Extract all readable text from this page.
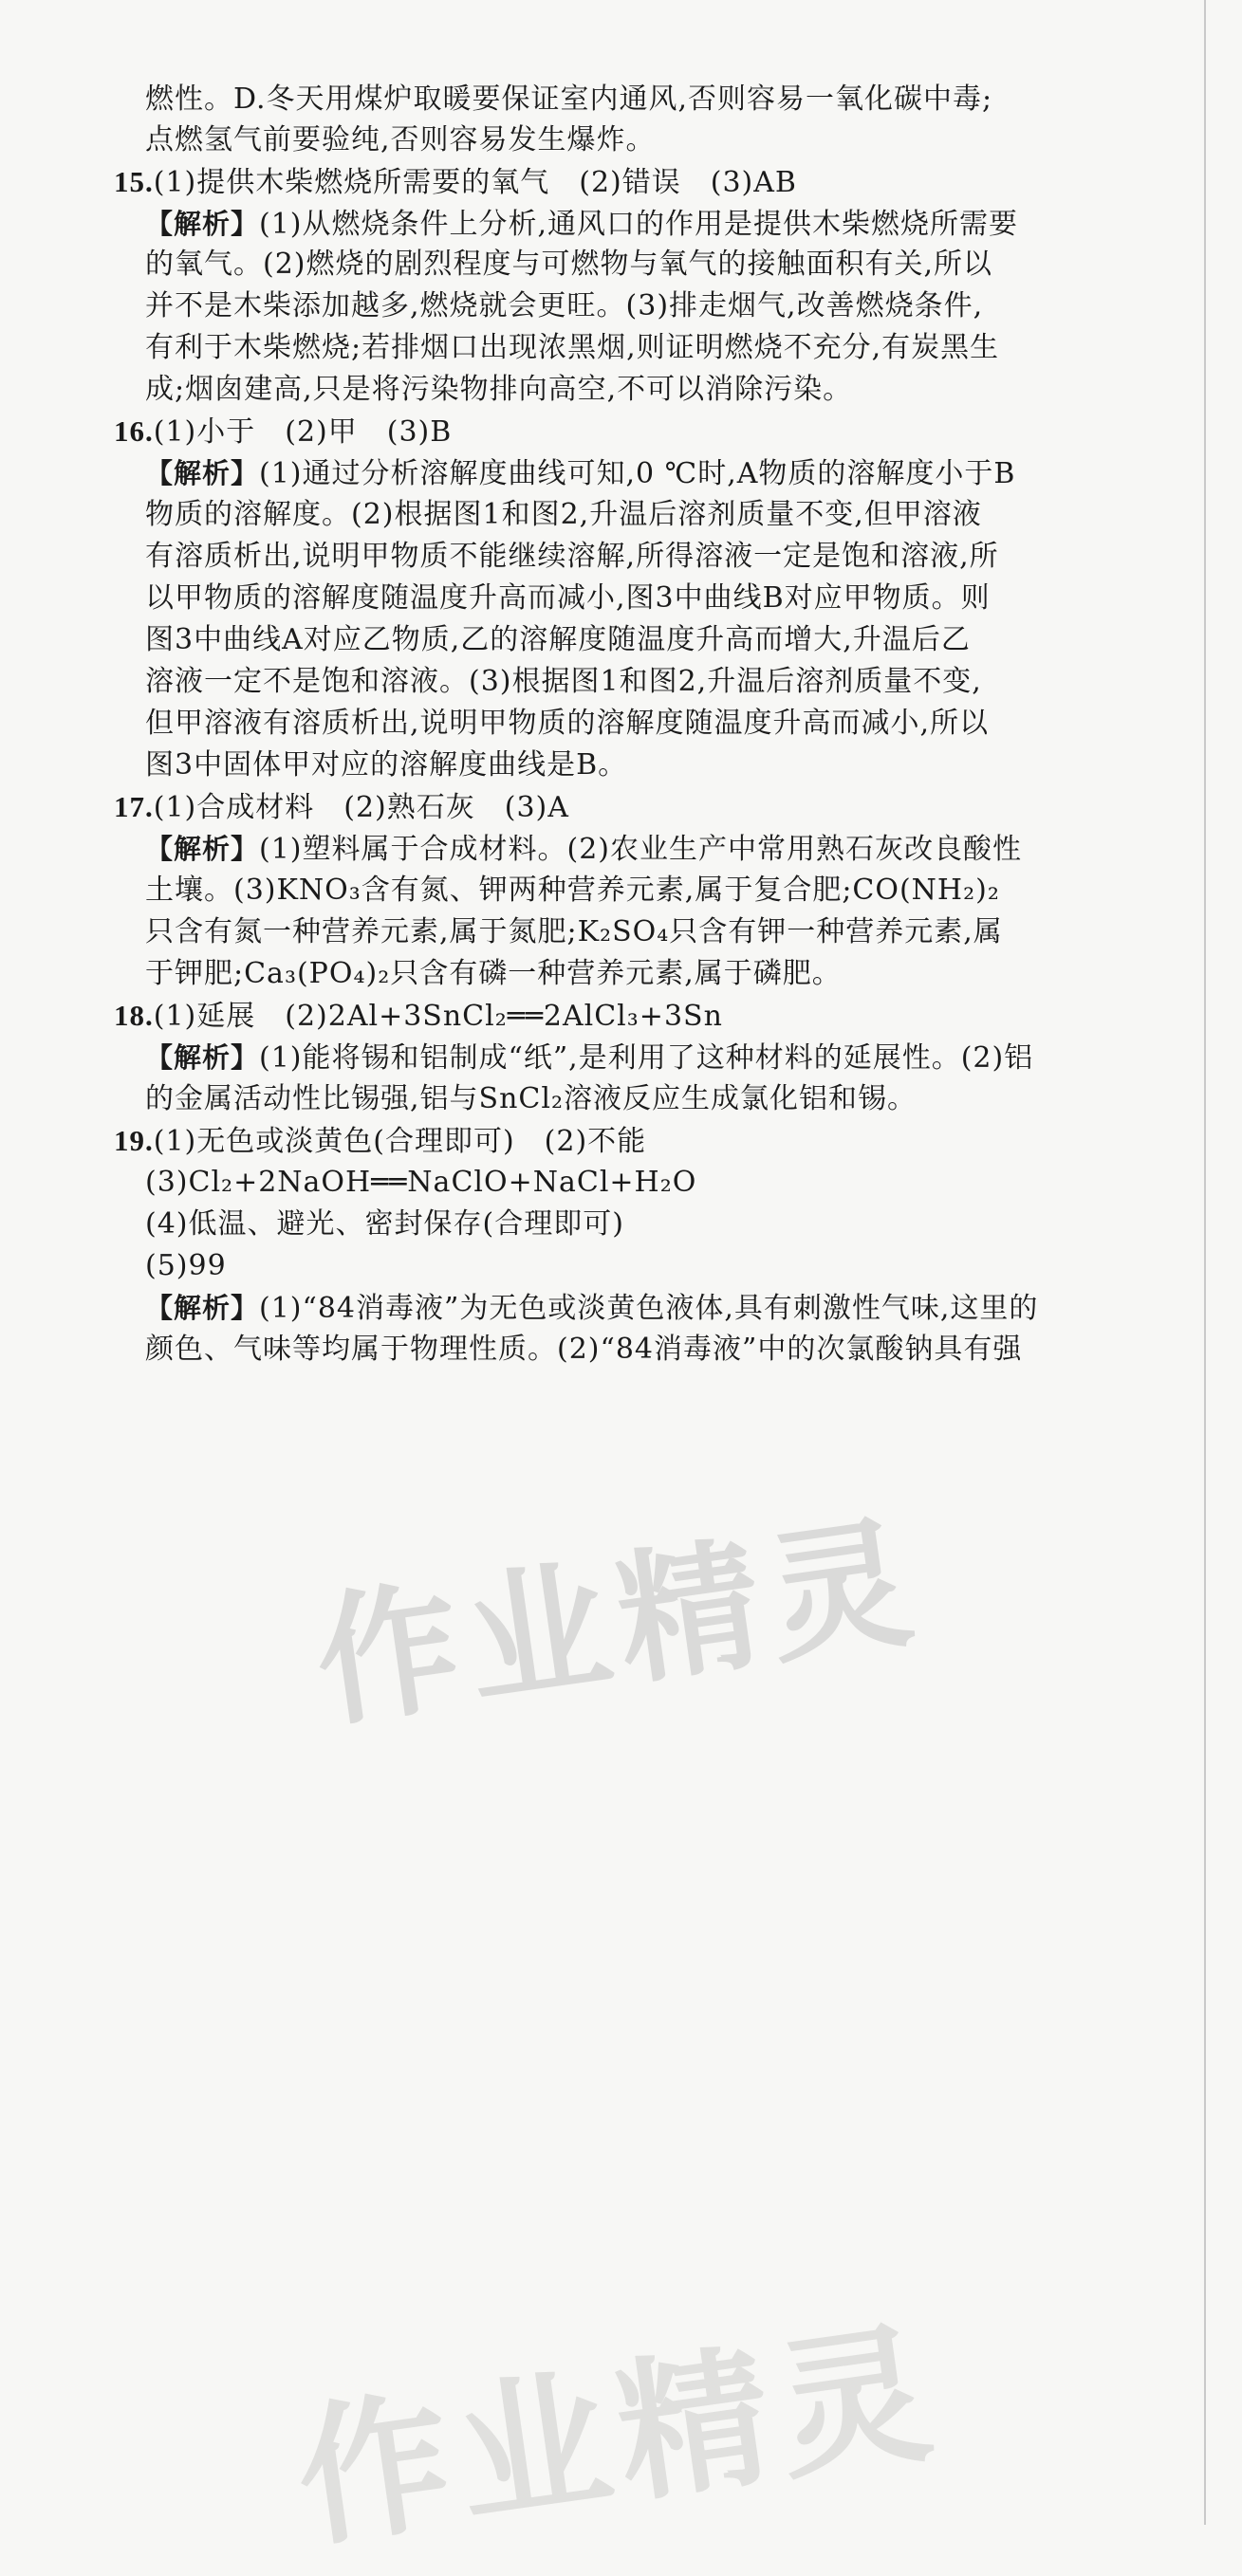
燃性。D.冬天用煤炉取暖要保证室内通风,否则容易一氧化碳中毒;
点燃氢气前要验纯,否则容易发生爆炸。
15.(1)提供木柴燃烧所需要的氧气　(2)错误　(3)AB
【解析】(1)从燃烧条件上分析,通风口的作用是提供木柴燃烧所需要
的氧气。(2)燃烧的剧烈程度与可燃物与氧气的接触面积有关,所以
并不是木柴添加越多,燃烧就会更旺。(3)排走烟气,改善燃烧条件,
有利于木柴燃烧;若排烟口出现浓黑烟,则证明燃烧不充分,有炭黑生
成;烟囱建高,只是将污染物排向高空,不可以消除污染。
16.(1)小于　(2)甲　(3)B
【解析】(1)通过分析溶解度曲线可知,0 ℃时,A物质的溶解度小于B
物质的溶解度。(2)根据图1和图2,升温后溶剂质量不变,但甲溶液
有溶质析出,说明甲物质不能继续溶解,所得溶液一定是饱和溶液,所
以甲物质的溶解度随温度升高而减小,图3中曲线B对应甲物质。则
图3中曲线A对应乙物质,乙的溶解度随温度升高而增大,升温后乙
溶液一定不是饱和溶液。(3)根据图1和图2,升温后溶剂质量不变,
但甲溶液有溶质析出,说明甲物质的溶解度随温度升高而减小,所以
图3中固体甲对应的溶解度曲线是B。
17.(1)合成材料　(2)熟石灰　(3)A
【解析】(1)塑料属于合成材料。(2)农业生产中常用熟石灰改良酸性
土壤。(3)KNO₃含有氮、钾两种营养元素,属于复合肥;CO(NH₂)₂
只含有氮一种营养元素,属于氮肥;K₂SO₄只含有钾一种营养元素,属
于钾肥;Ca₃(PO₄)₂只含有磷一种营养元素,属于磷肥。
18.(1)延展　(2)2Al+3SnCl₂══2AlCl₃+3Sn
【解析】(1)能将锡和铝制成“纸”,是利用了这种材料的延展性。(2)铝
的金属活动性比锡强,铝与SnCl₂溶液反应生成氯化铝和锡。
19.(1)无色或淡黄色(合理即可)　(2)不能
(3)Cl₂+2NaOH══NaClO+NaCl+H₂O
(4)低温、避光、密封保存(合理即可)
(5)99
【解析】(1)“84消毒液”为无色或淡黄色液体,具有刺激性气味,这里的
颜色、气味等均属于物理性质。(2)“84消毒液”中的次氯酸钠具有强
作业精灵
作业精灵
